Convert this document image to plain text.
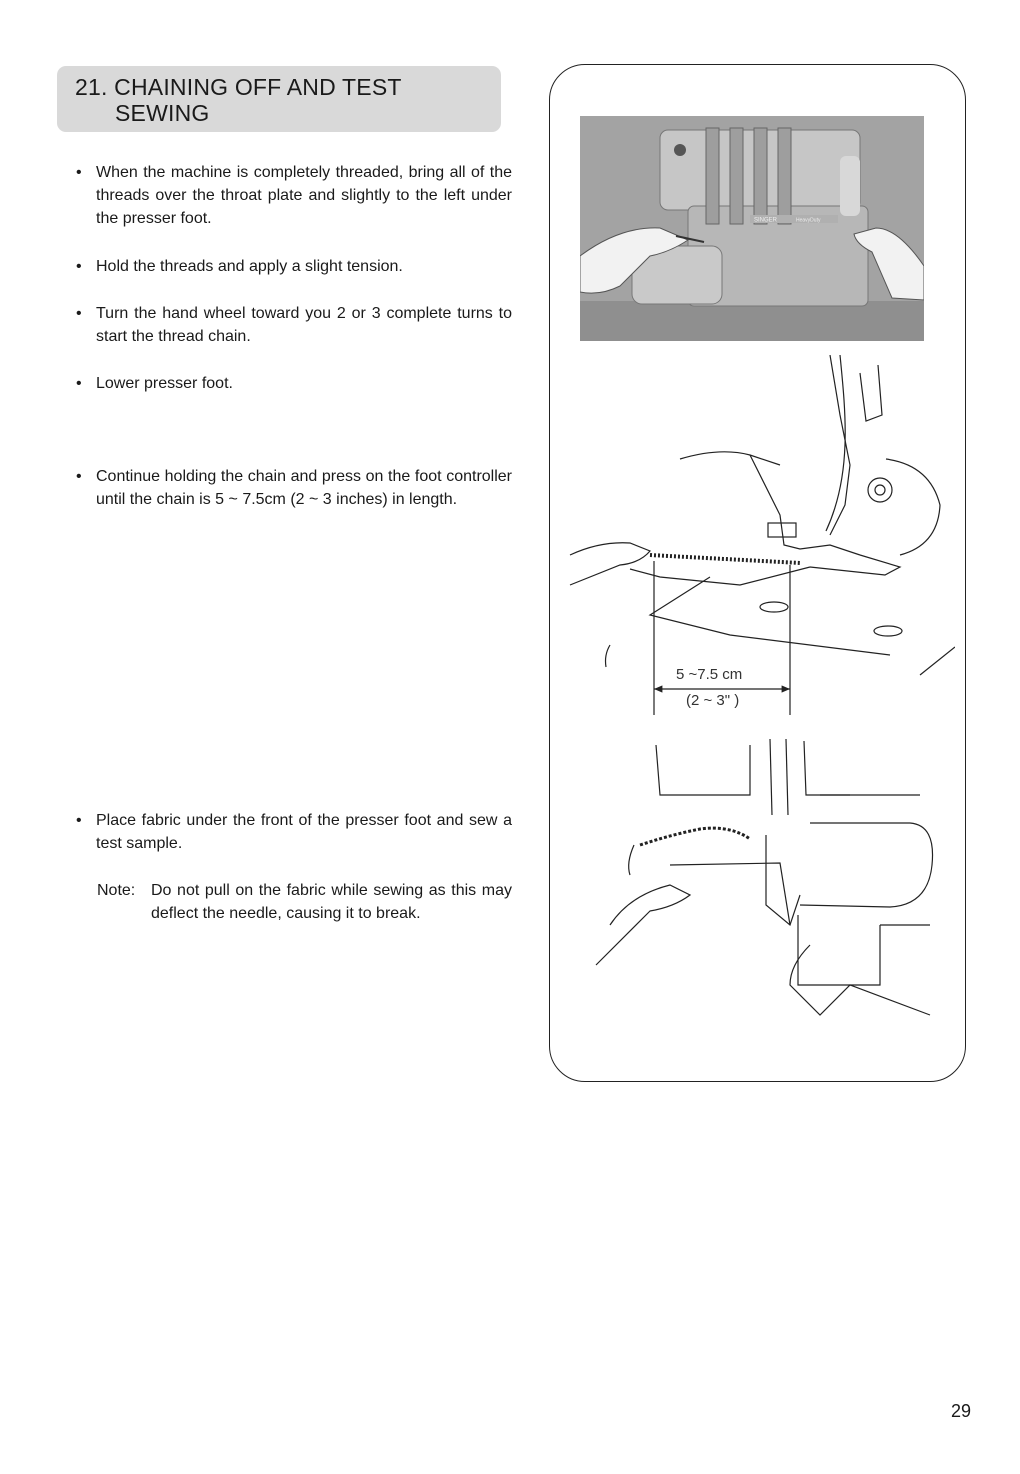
21. CHAINING OFF AND TEST
SEWING
• When the machine is completely threaded, bring all of the threads over the throat plate and slightly to the left under the presser foot.
• Hold the threads and apply a slight tension.
• Turn the hand wheel toward you 2 or 3 complete turns to start the thread chain.
• Lower presser foot.
• Continue holding the chain and press on the foot controller until the chain is 5 ~ 7.5cm (2 ~ 3 inches) in length.
• Place fabric under the front of the presser foot and sew a test sample.
Note: Do not pull on the fabric while sewing as this may deflect the needle, causing it to break.
SINGER	HeavyDuty
5 ~7.5 cm
(2 ~ 3" )
29
